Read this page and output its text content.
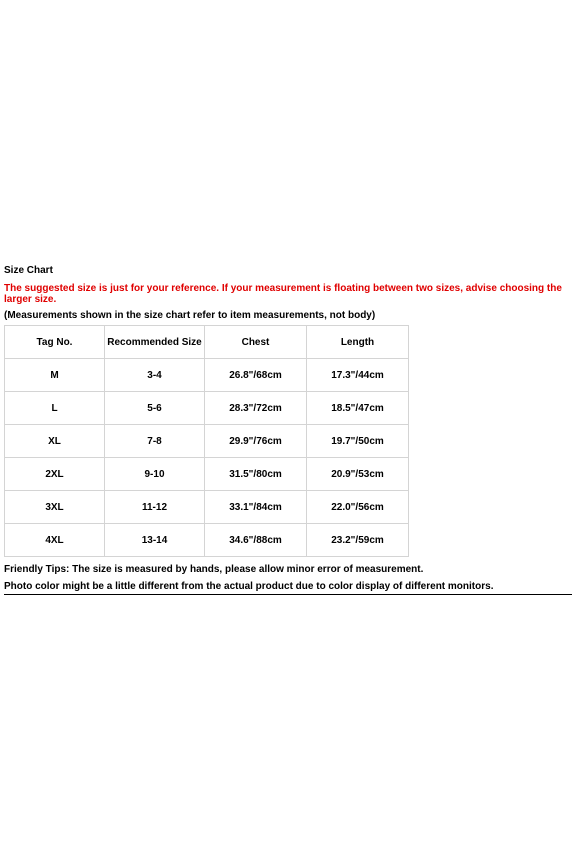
Size Chart
The suggested size is just for your reference. If your measurement is floating between two sizes, advise choosing the larger size.
(Measurements shown in the size chart refer to item measurements, not body)
Tag No.	Recommended Size	Chest	Length
M	3-4	26.8"/68cm	17.3"/44cm
L	5-6	28.3"/72cm	18.5"/47cm
XL	7-8	29.9"/76cm	19.7"/50cm
2XL	9-10	31.5"/80cm	20.9"/53cm
3XL	11-12	33.1"/84cm	22.0"/56cm
4XL	13-14	34.6"/88cm	23.2"/59cm
Friendly Tips: The size is measured by hands, please allow minor error of measurement.
Photo color might be a little different from the actual product due to color display of different monitors.
